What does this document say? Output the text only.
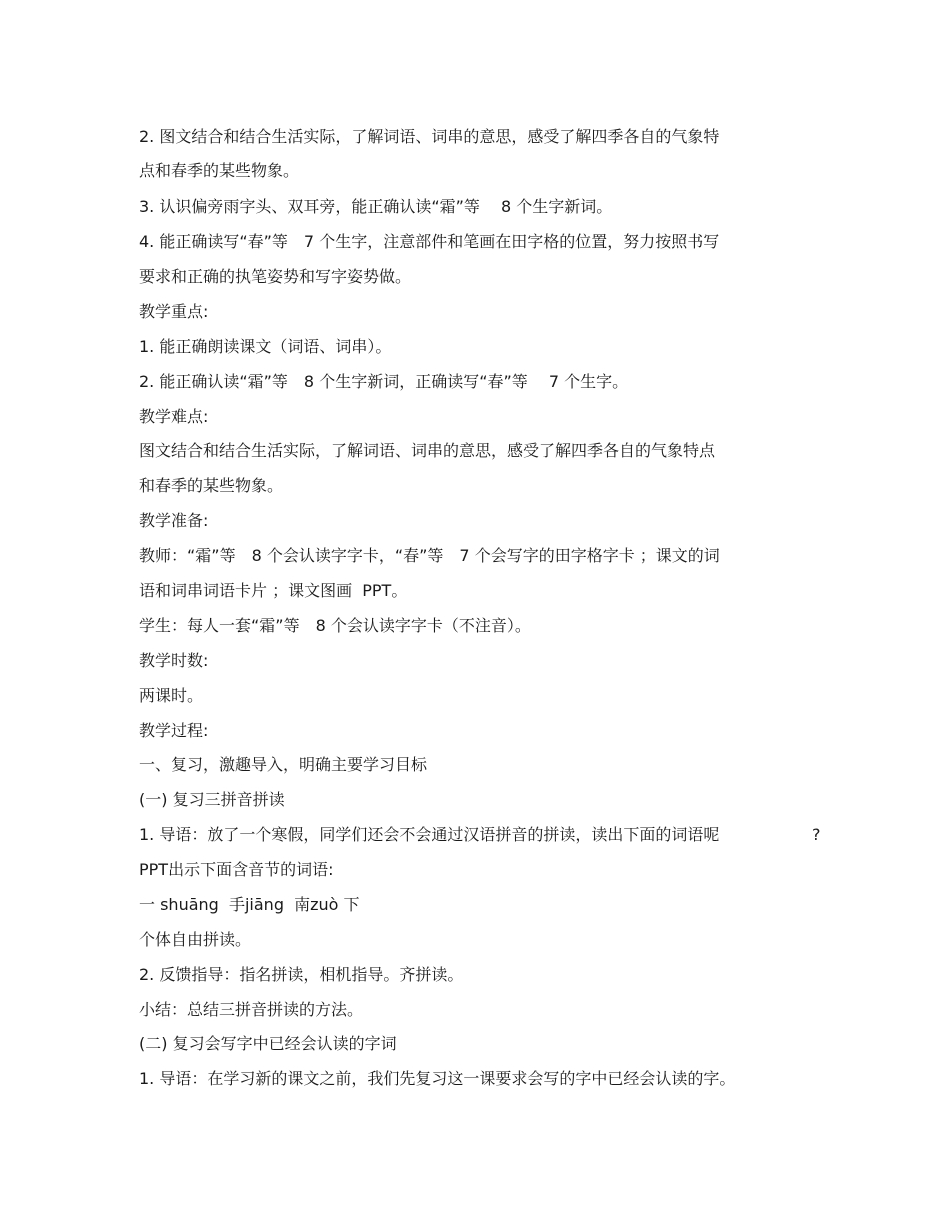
2. 图文结合和结合生活实际，了解词语、词串的意思，感受了解四季各自的气象特
点和春季的某些物象。
3. 认识偏旁雨字头、双耳旁，能正确认读“霜”等　 8 个生字新词。
4. 能正确读写“春”等　7 个生字，注意部件和笔画在田字格的位置，努力按照书写
要求和正确的执笔姿势和写字姿势做。
教学重点:
1. 能正确朗读课文（词语、词串）。
2. 能正确认读“霜”等　8 个生字新词，正确读写“春”等　 7 个生字。
教学难点:
图文结合和结合生活实际，了解词语、词串的意思，感受了解四季各自的气象特点
和春季的某些物象。
教学准备:
教师：“霜”等　8 个会认读字字卡，“春”等　7 个会写字的田字格字卡 ；课文的词
语和词串词语卡片 ；课文图画  PPT。
学生：每人一套“霜”等　8 个会认读字字卡（不注音）。
教学时数:
两课时。
教学过程:
一、复习，激趣导入，明确主要学习目标
(一) 复习三拼音拼读
1. 导语：放了一个寒假，同学们还会不会通过汉语拼音的拼读，读出下面的词语呢	?
PPT出示下面含音节的词语:
一 shuāng  手jiāng  南zuò 下
个体自由拼读。
2. 反馈指导：指名拼读，相机指导。齐拼读。
小结：总结三拼音拼读的方法。
(二) 复习会写字中已经会认读的字词
1. 导语：在学习新的课文之前，我们先复习这一课要求会写的字中已经会认读的字。
